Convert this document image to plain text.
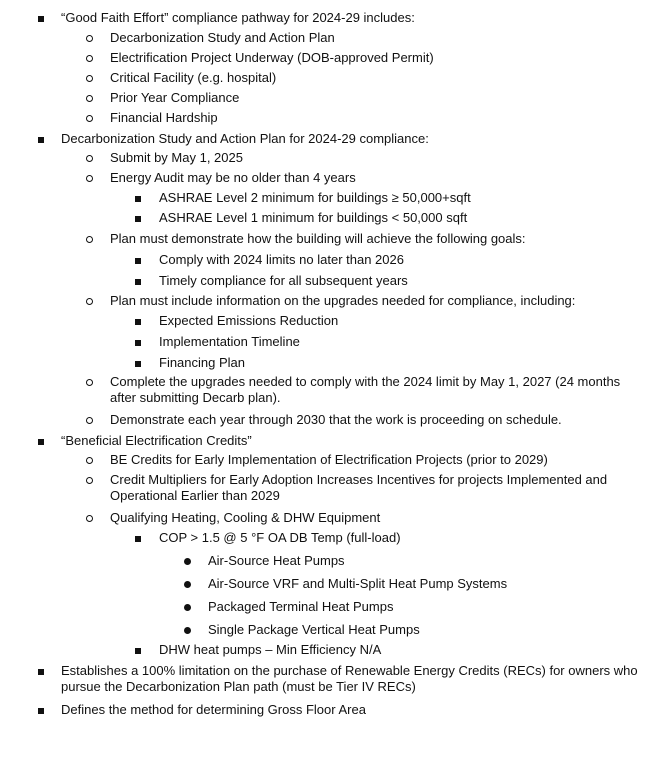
“Good Faith Effort” compliance pathway for 2024-29 includes:
Decarbonization Study and Action Plan
Electrification Project Underway (DOB-approved Permit)
Critical Facility (e.g. hospital)
Prior Year Compliance
Financial Hardship
Decarbonization Study and Action Plan for 2024-29 compliance:
Submit by May 1, 2025
Energy Audit may be no older than 4 years
ASHRAE Level 2 minimum for buildings ≥ 50,000+sqft
ASHRAE Level 1 minimum for buildings < 50,000 sqft
Plan must demonstrate how the building will achieve the following goals:
Comply with 2024 limits no later than 2026
Timely compliance for all subsequent years
Plan must include information on the upgrades needed for compliance, including:
Expected Emissions Reduction
Implementation Timeline
Financing Plan
Complete the upgrades needed to comply with the 2024 limit by May 1, 2027 (24 months after submitting Decarb plan).
Demonstrate each year through 2030 that the work is proceeding on schedule.
“Beneficial Electrification Credits”
BE Credits for Early Implementation of Electrification Projects (prior to 2029)
Credit Multipliers for Early Adoption Increases Incentives for projects Implemented and Operational Earlier than 2029
Qualifying Heating, Cooling & DHW Equipment
COP > 1.5 @ 5 °F OA DB Temp (full-load)
Air-Source Heat Pumps
Air-Source VRF and Multi-Split Heat Pump Systems
Packaged Terminal Heat Pumps
Single Package Vertical Heat Pumps
DHW heat pumps – Min Efficiency N/A
Establishes a 100% limitation on the purchase of Renewable Energy Credits (RECs) for owners who pursue the Decarbonization Plan path (must be Tier IV RECs)
Defines the method for determining Gross Floor Area
